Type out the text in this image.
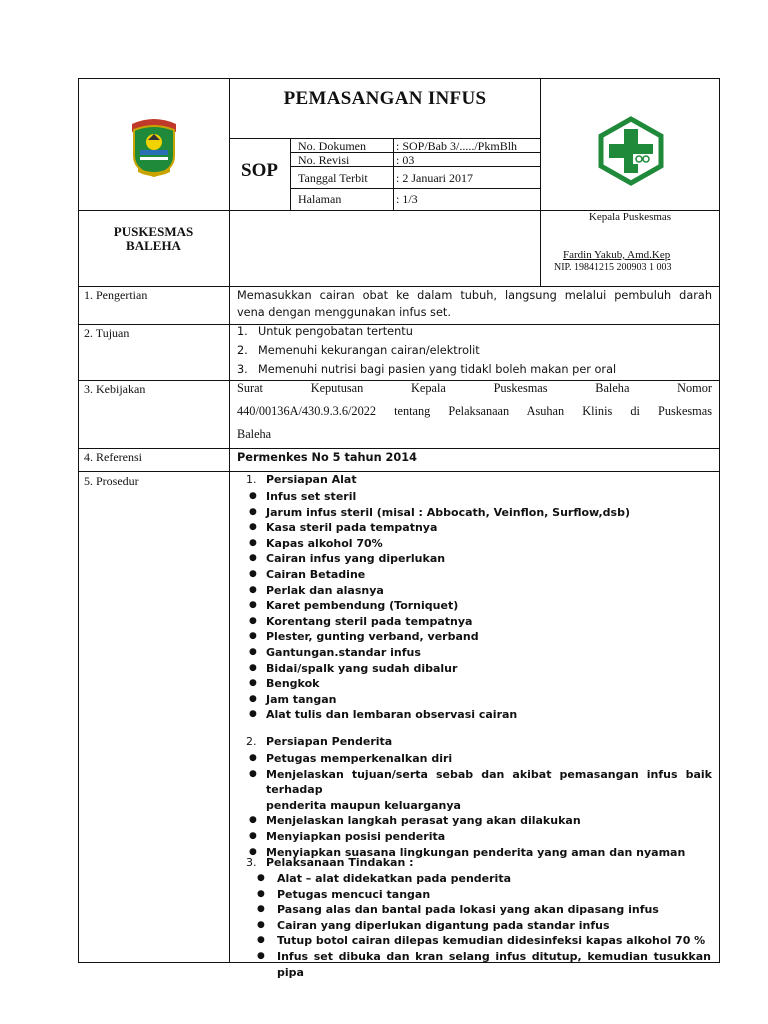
PEMASANGAN INFUS
SOP
No. Dokumen	: SOP/Bab 3/...../PkmBlh
No. Revisi	: 03
Tanggal Terbit : 2 Januari 2017
Halaman	: 1/3
PUSKESMAS
BALEHA
Kepala Puskesmas
Fardin Yakub, Amd.Kep
NIP. 19841215 200903 1 003
1. Pengertian	Memasukkan cairan obat ke dalam tubuh, langsung melalui pembuluh darah
vena dengan menggunakan infus set.
2. Tujuan	1. Untuk pengobatan tertentu
2. Memenuhi kekurangan cairan/elektrolit
3. Memenuhi nutrisi bagi pasien yang tidakl boleh makan per oral
3. Kebijakan	Surat Keputusan Kepala Puskesmas Baleha Nomor
440/00136A/430.9.3.6/2022 tentang Pelaksanaan Asuhan Klinis di Puskesmas
Baleha
4. Referensi	Permenkes No 5 tahun 2014
5. Prosedur	1. Persiapan Alat
● Infus set steril
● Jarum infus steril (misal : Abbocath, Veinflon, Surflow,dsb)
● Kasa steril pada tempatnya
● Kapas alkohol 70%
● Cairan infus yang diperlukan
● Cairan Betadine
● Perlak dan alasnya
● Karet pembendung (Torniquet)
● Korentang steril pada tempatnya
● Plester, gunting verband, verband
● Gantungan.standar infus
● Bidai/spalk yang sudah dibalur
● Bengkok
● Jam tangan
● Alat tulis dan lembaran observasi cairan
2. Persiapan Penderita
● Petugas memperkenalkan diri
● Menjelaskan tujuan/serta sebab dan akibat pemasangan infus baik terhadap
penderita maupun keluarganya
● Menjelaskan langkah perasat yang akan dilakukan
● Menyiapkan posisi penderita
● Menyiapkan suasana lingkungan penderita yang aman dan nyaman
3. Pelaksanaan Tindakan :
● Alat – alat didekatkan pada penderita
● Petugas mencuci tangan
● Pasang alas dan bantal pada lokasi yang akan dipasang infus
● Cairan yang diperlukan digantung pada standar infus
● Tutup botol cairan dilepas kemudian didesinfeksi kapas alkohol 70 %
● Infus set dibuka dan kran selang infus ditutup, kemudian tusukkan pipa
